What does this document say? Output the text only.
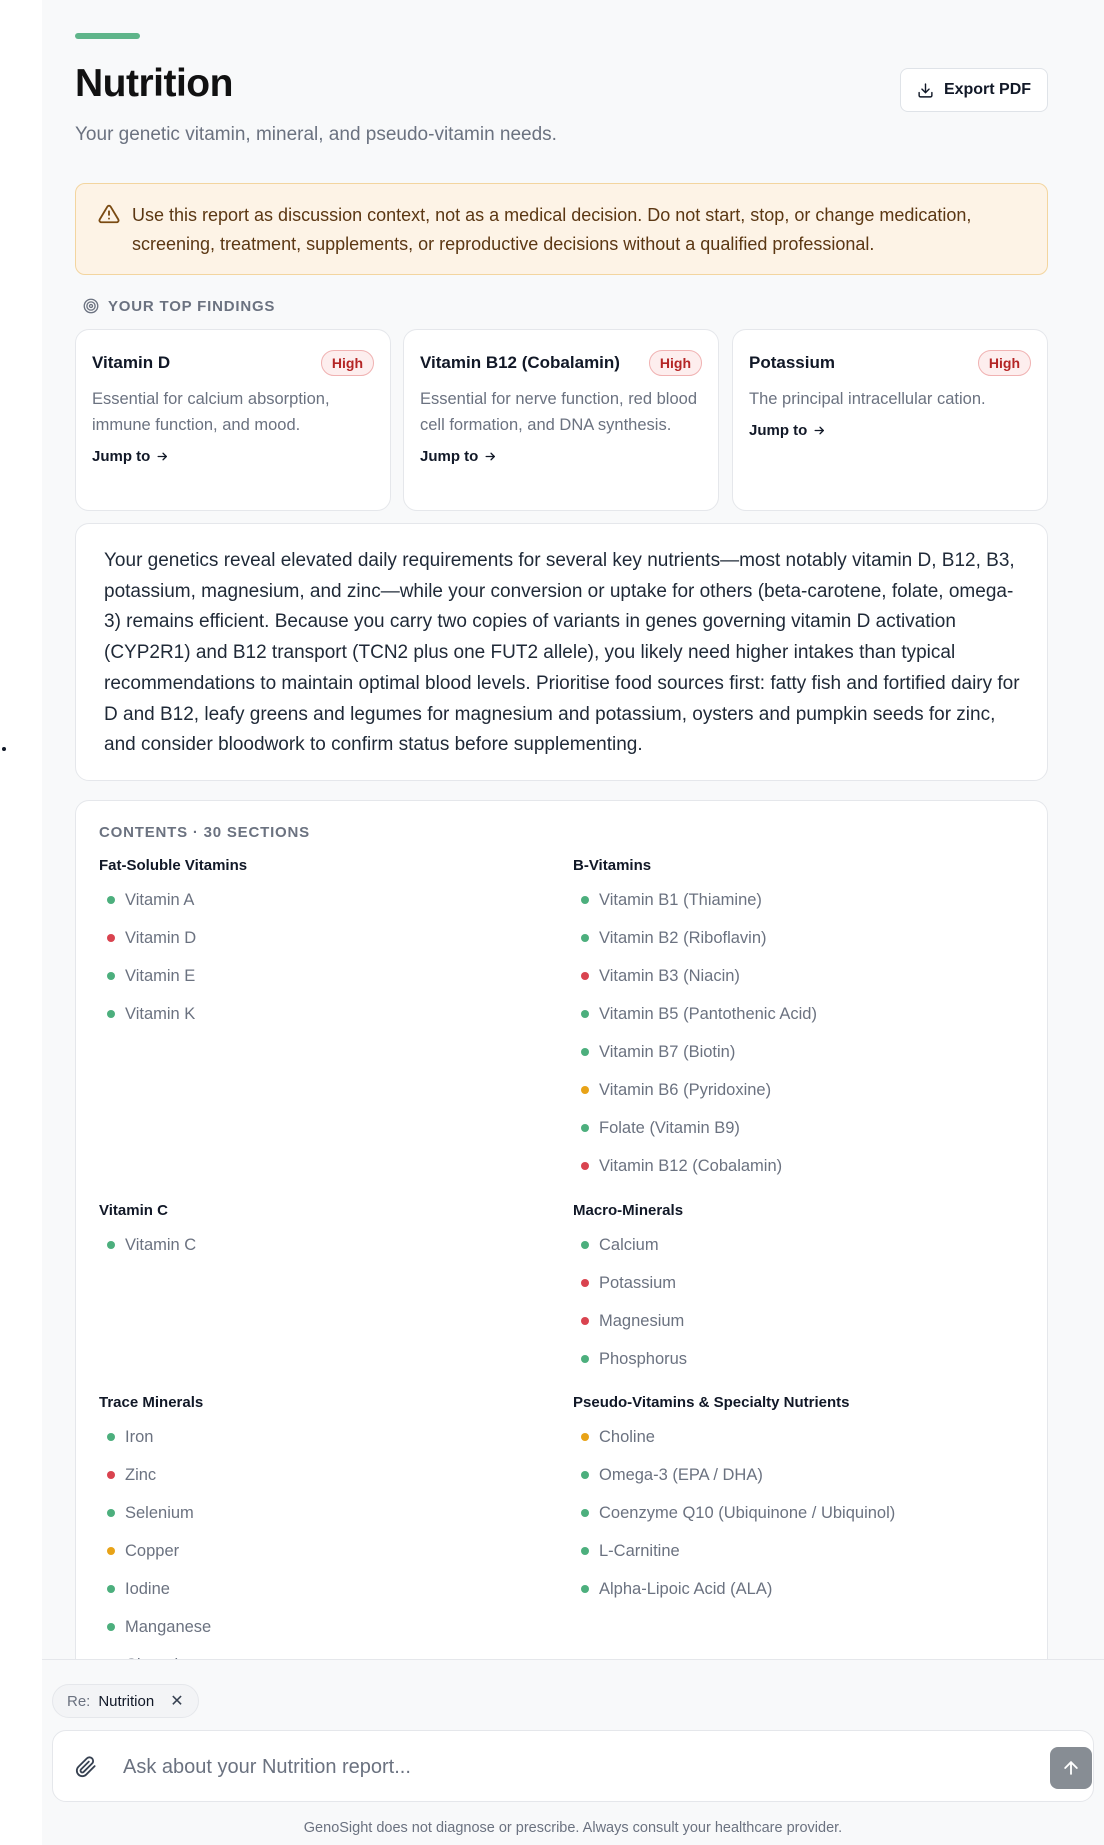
Nutrition

Your genetic vitamin, mineral, and pseudo-vitamin needs.

Export PDF
Use this report as discussion context, not as a medical decision. Do not start, stop, or change medication, screening, treatment, supplements, or reproductive decisions without a qualified professional.
YOUR TOP FINDINGS
Vitamin D	High

Essential for calcium absorption, immune function, and mood.

Jump to
Vitamin B12 (Cobalamin)	High

Essential for nerve function, red blood cell formation, and DNA synthesis.

Jump to
Potassium	High

The principal intracellular cation.

Jump to

Your genetics reveal elevated daily requirements for several key nutrients—most notably vitamin D, B12, B3, potassium, magnesium, and zinc—while your conversion or uptake for others (beta-carotene, folate, omega-3) remains efficient. Because you carry two copies of variants in genes governing vitamin D activation (CYP2R1) and B12 transport (TCN2 plus one FUT2 allele), you likely need higher intakes than typical recommendations to maintain optimal blood levels. Prioritise food sources first: fatty fish and fortified dairy for D and B12, leafy greens and legumes for magnesium and potassium, oysters and pumpkin seeds for zinc, and consider bloodwork to confirm status before supplementing.

CONTENTS · 30 SECTIONS
Fat-Soluble Vitamins
Vitamin A
Vitamin D
Vitamin E
Vitamin K
B-Vitamins
Vitamin B1 (Thiamine)
Vitamin B2 (Riboflavin)
Vitamin B3 (Niacin)
Vitamin B5 (Pantothenic Acid)
Vitamin B7 (Biotin)
Vitamin B6 (Pyridoxine)
Folate (Vitamin B9)
Vitamin B12 (Cobalamin)
Vitamin C
Vitamin C
Macro-Minerals
Calcium
Potassium
Magnesium
Phosphorus
Trace Minerals
Iron
Zinc
Selenium
Copper
Iodine
Manganese
Pseudo-Vitamins & Specialty Nutrients
Choline
Omega-3 (EPA / DHA)
Coenzyme Q10 (Ubiquinone / Ubiquinol)
L-Carnitine
Alpha-Lipoic Acid (ALA)
Re: Nutrition ✕
Ask about your Nutrition report...
GenoSight does not diagnose or prescribe. Always consult your healthcare provider.
